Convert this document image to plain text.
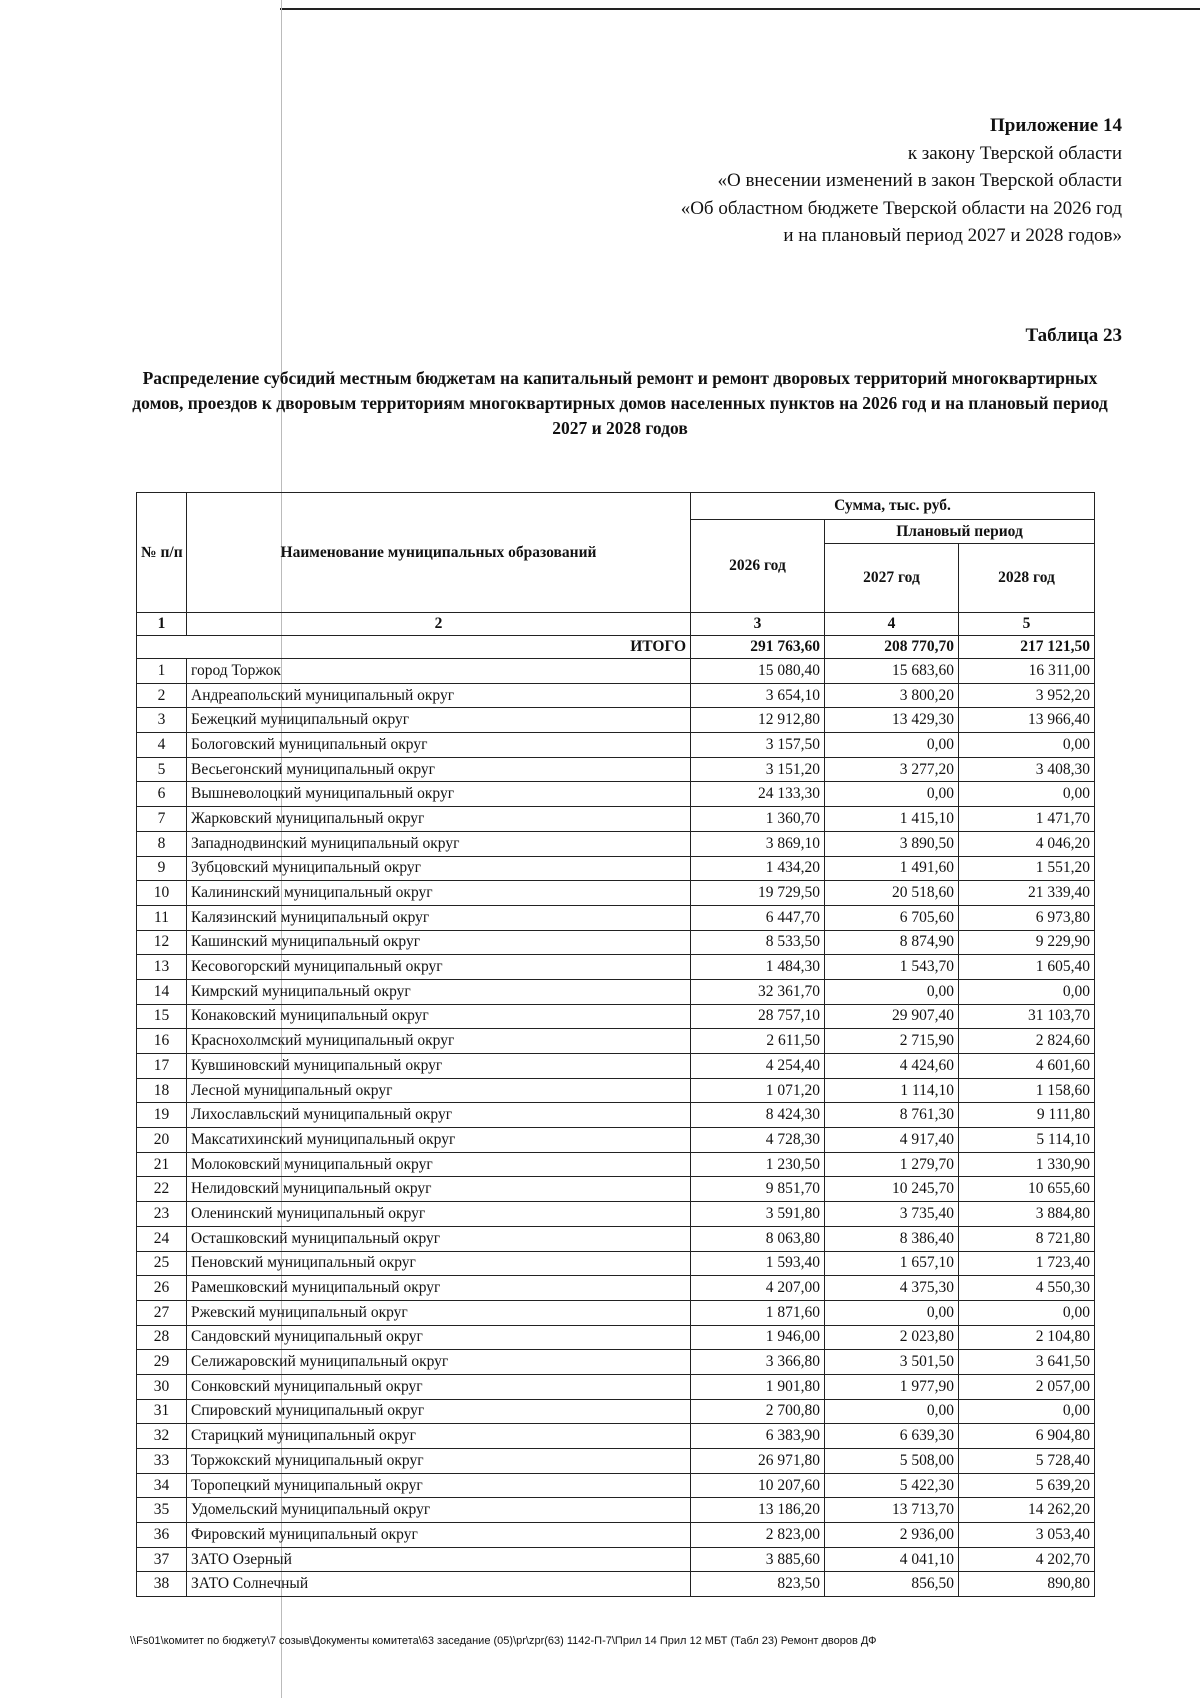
Приложение 14
к закону Тверской области
«О внесении изменений в закон Тверской области
«Об областном бюджете Тверской области на 2026 год
и на плановый период 2027 и 2028 годов»
Таблица 23
Распределение субсидий местным бюджетам на капитальный ремонт и ремонт дворовых территорий многоквартирных домов, проездов к дворовым территориям многоквартирных домов населенных пунктов на 2026 год и на плановый период 2027 и 2028 годов
№ п/п	Наименование муниципальных образований	Сумма, тыс. руб.		
		2026 год	Плановый период	
			2027 год	2028 год
1	2	3	4	5
ИТОГО		291 763,60	208 770,70	217 121,50
1	город Торжок	15 080,40	15 683,60	16 311,00
2	Андреапольский муниципальный округ	3 654,10	3 800,20	3 952,20
3	Бежецкий муниципальный округ	12 912,80	13 429,30	13 966,40
4	Бологовский муниципальный округ	3 157,50	0,00	0,00
5	Весьегонский муниципальный округ	3 151,20	3 277,20	3 408,30
6	Вышневолоцкий муниципальный округ	24 133,30	0,00	0,00
7	Жарковский муниципальный округ	1 360,70	1 415,10	1 471,70
8	Западнодвинский муниципальный округ	3 869,10	3 890,50	4 046,20
9	Зубцовский муниципальный округ	1 434,20	1 491,60	1 551,20
10	Калининский муниципальный округ	19 729,50	20 518,60	21 339,40
11	Калязинский муниципальный округ	6 447,70	6 705,60	6 973,80
12	Кашинский муниципальный округ	8 533,50	8 874,90	9 229,90
13	Кесовогорский муниципальный округ	1 484,30	1 543,70	1 605,40
14	Кимрский муниципальный округ	32 361,70	0,00	0,00
15	Конаковский муниципальный округ	28 757,10	29 907,40	31 103,70
16	Краснохолмский муниципальный округ	2 611,50	2 715,90	2 824,60
17	Кувшиновский муниципальный округ	4 254,40	4 424,60	4 601,60
18	Лесной муниципальный округ	1 071,20	1 114,10	1 158,60
19	Лихославльский муниципальный округ	8 424,30	8 761,30	9 111,80
20	Максатихинский муниципальный округ	4 728,30	4 917,40	5 114,10
21	Молоковский муниципальный округ	1 230,50	1 279,70	1 330,90
22	Нелидовский муниципальный округ	9 851,70	10 245,70	10 655,60
23	Оленинский муниципальный округ	3 591,80	3 735,40	3 884,80
24	Осташковский муниципальный округ	8 063,80	8 386,40	8 721,80
25	Пеновский муниципальный округ	1 593,40	1 657,10	1 723,40
26	Рамешковский муниципальный округ	4 207,00	4 375,30	4 550,30
27	Ржевский муниципальный округ	1 871,60	0,00	0,00
28	Сандовский муниципальный округ	1 946,00	2 023,80	2 104,80
29	Селижаровский муниципальный округ	3 366,80	3 501,50	3 641,50
30	Сонковский муниципальный округ	1 901,80	1 977,90	2 057,00
31	Спировский муниципальный округ	2 700,80	0,00	0,00
32	Старицкий муниципальный округ	6 383,90	6 639,30	6 904,80
33	Торжокский муниципальный округ	26 971,80	5 508,00	5 728,40
34	Торопецкий муниципальный округ	10 207,60	5 422,30	5 639,20
35	Удомельский муниципальный округ	13 186,20	13 713,70	14 262,20
36	Фировский муниципальный округ	2 823,00	2 936,00	3 053,40
37	ЗАТО Озерный	3 885,60	4 041,10	4 202,70
38	ЗАТО Солнечный	823,50	856,50	890,80
\\Fs01\комитет по бюджету\7 созыв\Документы комитета\63 заседание (05)\pr\zpr(63) 1142-П-7\Прил 14 Прил 12 МБТ (Табл 23) Ремонт дворов ДФ
